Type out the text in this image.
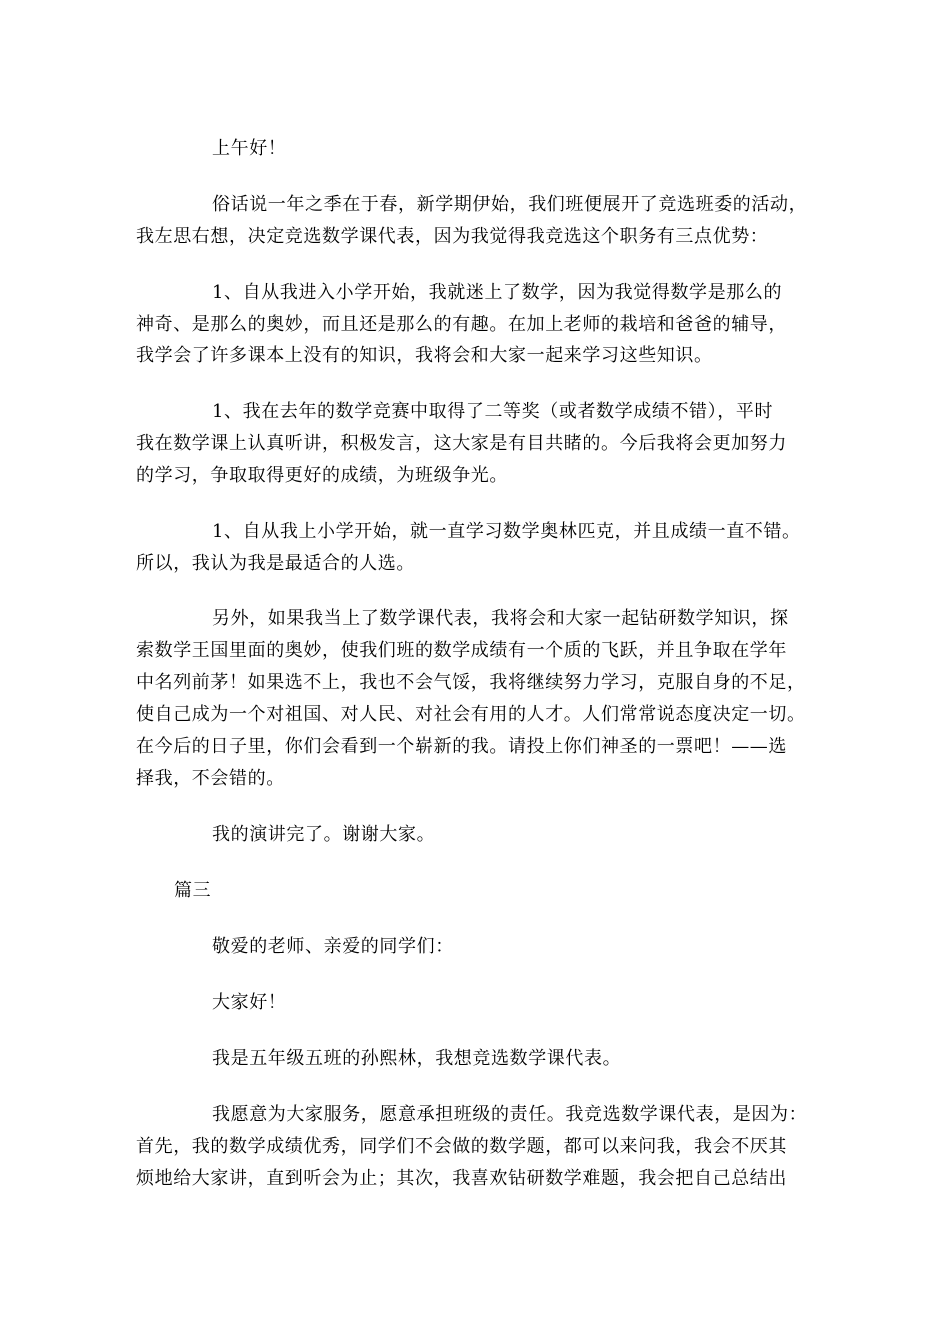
上午好！
俗话说一年之季在于春，新学期伊始，我们班便展开了竞选班委的活动，
我左思右想，决定竞选数学课代表，因为我觉得我竞选这个职务有三点优势：
1、自从我进入小学开始，我就迷上了数学，因为我觉得数学是那么的
神奇、是那么的奥妙，而且还是那么的有趣。在加上老师的栽培和爸爸的辅导，
我学会了许多课本上没有的知识，我将会和大家一起来学习这些知识。
1、我在去年的数学竞赛中取得了二等奖（或者数学成绩不错），平时
我在数学课上认真听讲，积极发言，这大家是有目共睹的。今后我将会更加努力
的学习，争取取得更好的成绩，为班级争光。
1、自从我上小学开始，就一直学习数学奥林匹克，并且成绩一直不错。
所以，我认为我是最适合的人选。
另外，如果我当上了数学课代表，我将会和大家一起钻研数学知识，探
索数学王国里面的奥妙，使我们班的数学成绩有一个质的飞跃，并且争取在学年
中名列前茅！如果选不上，我也不会气馁，我将继续努力学习，克服自身的不足，
使自己成为一个对祖国、对人民、对社会有用的人才。人们常常说态度决定一切。
在今后的日子里，你们会看到一个崭新的我。请投上你们神圣的一票吧！——选
择我，不会错的。
我的演讲完了。谢谢大家。
篇三
敬爱的老师、亲爱的同学们：
大家好！
我是五年级五班的孙熙林，我想竞选数学课代表。
我愿意为大家服务，愿意承担班级的责任。我竞选数学课代表，是因为：
首先，我的数学成绩优秀，同学们不会做的数学题，都可以来问我，我会不厌其
烦地给大家讲，直到听会为止；其次，我喜欢钻研数学难题，我会把自己总结出
